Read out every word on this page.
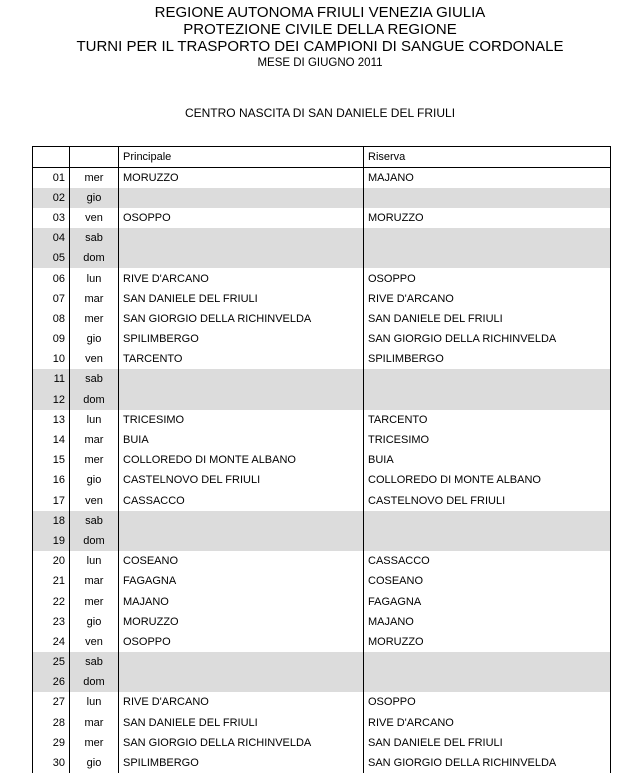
REGIONE AUTONOMA FRIULI VENEZIA GIULIA
PROTEZIONE CIVILE DELLA REGIONE
TURNI PER IL TRASPORTO DEI CAMPIONI DI SANGUE CORDONALE
MESE DI GIUGNO 2011
CENTRO NASCITA DI SAN DANIELE DEL FRIULI
		Principale	Riserva
01	mer	MORUZZO	MAJANO
02	gio		
03	ven	OSOPPO	MORUZZO
04	sab		
05	dom		
06	lun	RIVE D'ARCANO	OSOPPO
07	mar	SAN DANIELE DEL FRIULI	RIVE D'ARCANO
08	mer	SAN GIORGIO DELLA RICHINVELDA	SAN DANIELE DEL FRIULI
09	gio	SPILIMBERGO	SAN GIORGIO DELLA RICHINVELDA
10	ven	TARCENTO	SPILIMBERGO
11	sab		
12	dom		
13	lun	TRICESIMO	TARCENTO
14	mar	BUIA	TRICESIMO
15	mer	COLLOREDO DI MONTE ALBANO	BUIA
16	gio	CASTELNOVO DEL FRIULI	COLLOREDO DI MONTE ALBANO
17	ven	CASSACCO	CASTELNOVO DEL FRIULI
18	sab		
19	dom		
20	lun	COSEANO	CASSACCO
21	mar	FAGAGNA	COSEANO
22	mer	MAJANO	FAGAGNA
23	gio	MORUZZO	MAJANO
24	ven	OSOPPO	MORUZZO
25	sab		
26	dom		
27	lun	RIVE D'ARCANO	OSOPPO
28	mar	SAN DANIELE DEL FRIULI	RIVE D'ARCANO
29	mer	SAN GIORGIO DELLA RICHINVELDA	SAN DANIELE DEL FRIULI
30	gio	SPILIMBERGO	SAN GIORGIO DELLA RICHINVELDA
